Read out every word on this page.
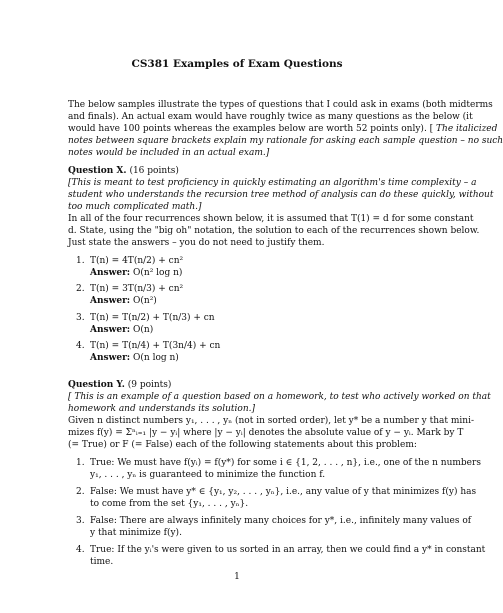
CS381 Examples of Exam Questions
The below samples illustrate the types of questions that I could ask in exams (both midterms
and finals). An actual exam would have roughly twice as many questions as the below (it
would have 100 points whereas the examples below are worth 52 points only). [ The italicized
notes between square brackets explain my rationale for asking each sample question – no such
notes would be included in an actual exam.]
Question X. (16 points)
[This is meant to test proficiency in quickly estimating an algorithm's time complexity – a
student who understands the recursion tree method of analysis can do these quickly, without
too much complicated math.]
In all of the four recurrences shown below, it is assumed that T(1) = d for some constant
d. State, using the "big oh" notation, the solution to each of the recurrences shown below.
Just state the answers – you do not need to justify them.
1. T(n) = 4T(n/2) + cn²
Answer: O(n² log n)
2. T(n) = 3T(n/3) + cn²
Answer: O(n²)
3. T(n) = T(n/2) + T(n/3) + cn
Answer: O(n)
4. T(n) = T(n/4) + T(3n/4) + cn
Answer: O(n log n)
Question Y. (9 points)
[ This is an example of a question based on a homework, to test who actively worked on that
homework and understands its solution.]
Given n distinct numbers y₁, . . . , yₙ (not in sorted order), let y* be a number y that mini-
mizes f(y) = Σⁿᵢ₌₁ |y − yᵢ| where |y − yᵢ| denotes the absolute value of y − yᵢ. Mark by T
(= True) or F (= False) each of the following statements about this problem:
1. True: We must have f(yᵢ) = f(y*) for some i ∈ {1, 2, . . . , n}, i.e., one of the n numbers
y₁, . . . , yₙ is guaranteed to minimize the function f.
2. False: We must have y* ∈ {y₁, y₂, . . . , yₙ}, i.e., any value of y that minimizes f(y) has
to come from the set {y₁, . . . , yₙ}.
3. False: There are always infinitely many choices for y*, i.e., infinitely many values of
y that minimize f(y).
4. True: If the yᵢ's were given to us sorted in an array, then we could find a y* in constant
time.
1
